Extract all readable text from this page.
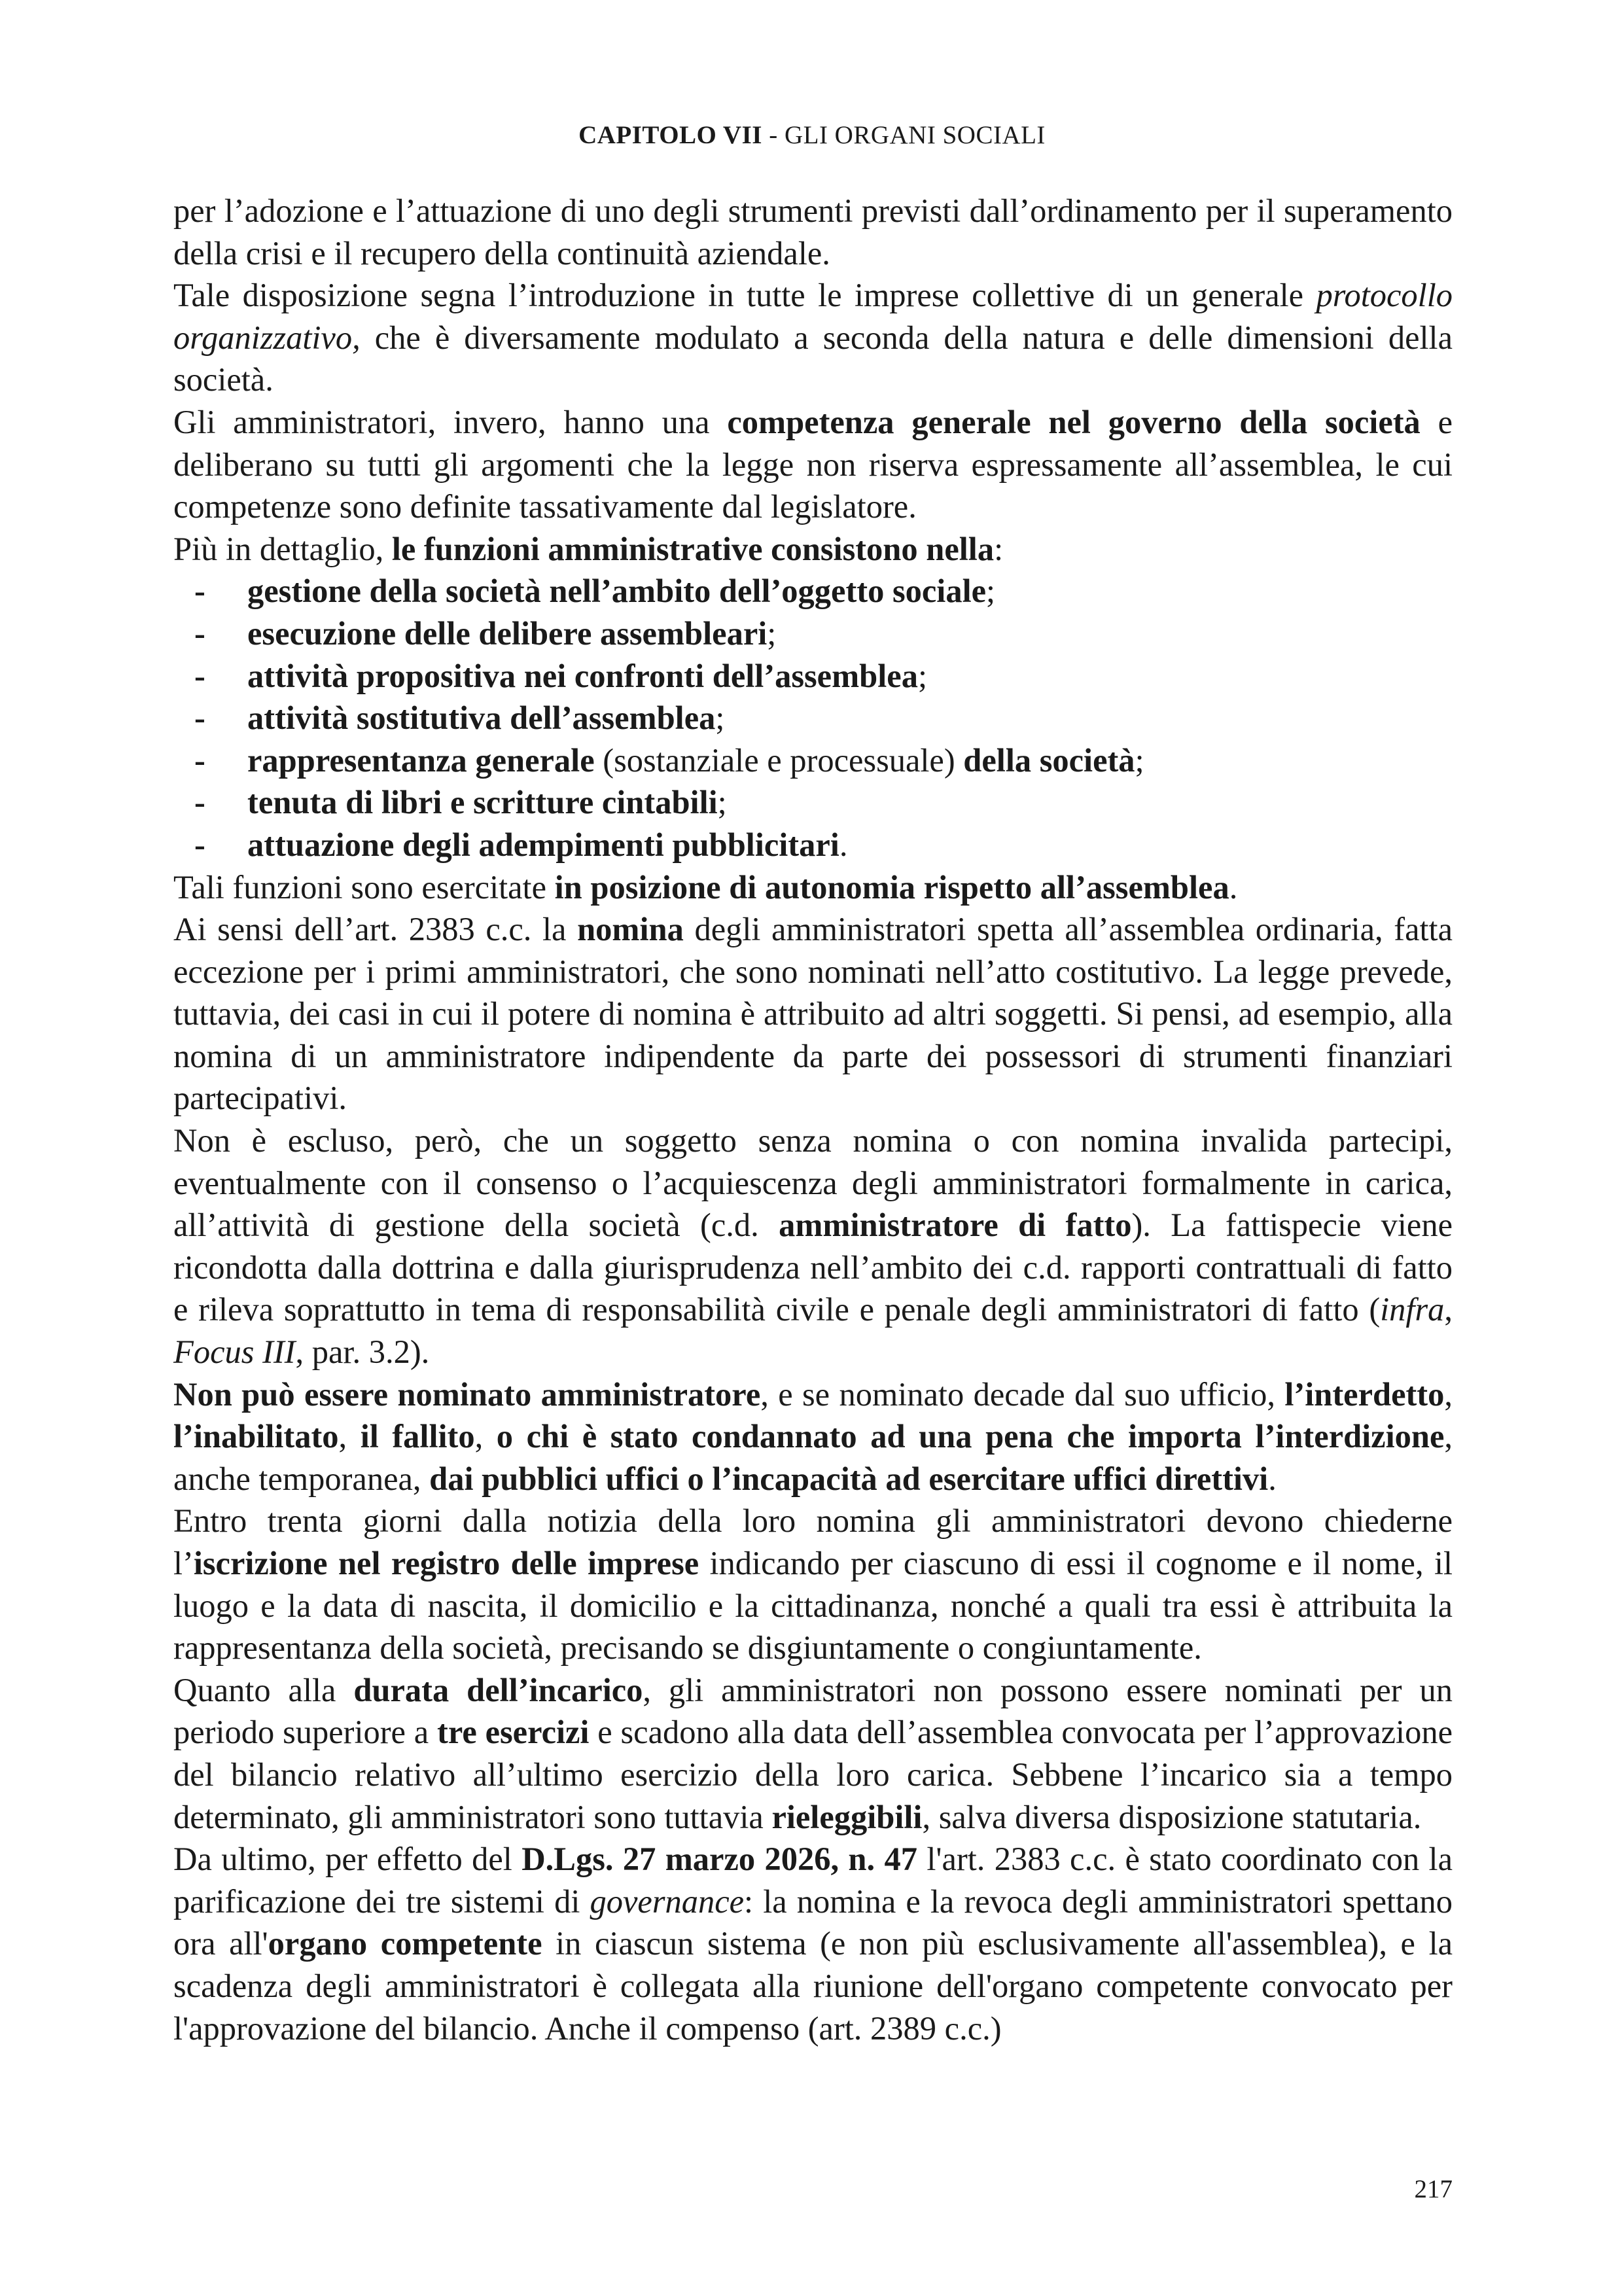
CAPITOLO VII - GLI ORGANI SOCIALI

per l’adozione e l’attuazione di uno degli strumenti previsti dall’ordinamento per il superamento della crisi e il recupero della continuità aziendale.

Tale disposizione segna l’introduzione in tutte le imprese collettive di un generale protocollo organizzativo, che è diversamente modulato a seconda della natura e delle dimensioni della società.

Gli amministratori, invero, hanno una competenza generale nel governo della società e deliberano su tutti gli argomenti che la legge non riserva espressamente all’assemblea, le cui competenze sono definite tassativamente dal legislatore.

Più in dettaglio, le funzioni amministrative consistono nella:

- gestione della società nell’ambito dell’oggetto sociale;
- esecuzione delle delibere assembleari;
- attività propositiva nei confronti dell’assemblea;
- attività sostitutiva dell’assemblea;
- rappresentanza generale (sostanziale e processuale) della società;
- tenuta di libri e scritture cintabili;
- attuazione degli adempimenti pubblicitari.

Tali funzioni sono esercitate in posizione di autonomia rispetto all’assemblea.

Ai sensi dell’art. 2383 c.c. la nomina degli amministratori spetta all’assemblea ordinaria, fatta eccezione per i primi amministratori, che sono nominati nell’atto costitutivo. La legge prevede, tuttavia, dei casi in cui il potere di nomina è attribuito ad altri soggetti. Si pensi, ad esempio, alla nomina di un amministratore indipendente da parte dei possessori di strumenti finanziari partecipativi.

Non è escluso, però, che un soggetto senza nomina o con nomina invalida partecipi, eventualmente con il consenso o l’acquiescenza degli amministratori formalmente in carica, all’attività di gestione della società (c.d. amministratore di fatto). La fattispecie viene ricondotta dalla dottrina e dalla giurisprudenza nell’ambito dei c.d. rapporti contrattuali di fatto e rileva soprattutto in tema di responsabilità civile e penale degli amministratori di fatto (infra, Focus III, par. 3.2).

Non può essere nominato amministratore, e se nominato decade dal suo ufficio, l’interdetto, l’inabilitato, il fallito, o chi è stato condannato ad una pena che importa l’interdizione, anche temporanea, dai pubblici uffici o l’incapacità ad esercitare uffici direttivi.

Entro trenta giorni dalla notizia della loro nomina gli amministratori devono chiederne l’iscrizione nel registro delle imprese indicando per ciascuno di essi il cognome e il nome, il luogo e la data di nascita, il domicilio e la cittadinanza, nonché a quali tra essi è attribuita la rappresentanza della società, precisando se disgiuntamente o congiuntamente.

Quanto alla durata dell’incarico, gli amministratori non possono essere nominati per un periodo superiore a tre esercizi e scadono alla data dell’assemblea convocata per l’approvazione del bilancio relativo all’ultimo esercizio della loro carica. Sebbene l’incarico sia a tempo determinato, gli amministratori sono tuttavia rieleggibili, salva diversa disposizione statutaria.

Da ultimo, per effetto del D.Lgs. 27 marzo 2026, n. 47 l'art. 2383 c.c. è stato coordinato con la parificazione dei tre sistemi di governance: la nomina e la revoca degli amministratori spettano ora all'organo competente in ciascun sistema (e non più esclusivamente all'assemblea), e la scadenza degli amministratori è collegata alla riunione dell'organo competente convocato per l'approvazione del bilancio. Anche il compenso (art. 2389 c.c.)

217
